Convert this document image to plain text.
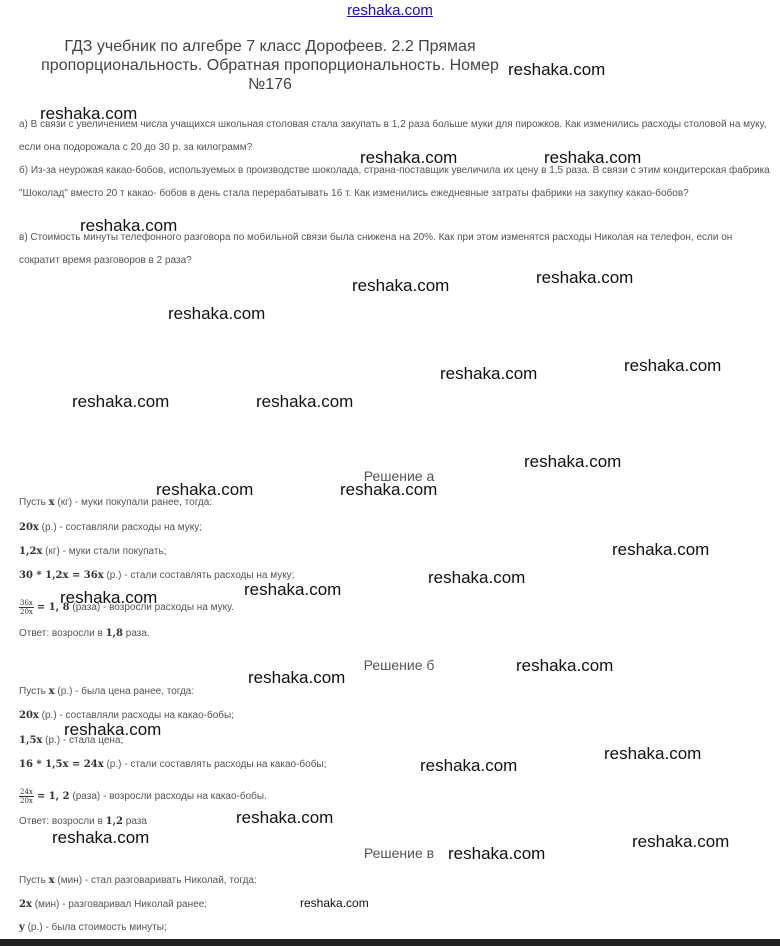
reshaka.com
ГДЗ учебник по алгебре 7 класс Дорофеев. 2.2 Прямая пропорциональность. Обратная пропорциональность. Номер №176
а) В связи с увеличением числа учащихся школьная столовая стала закупать в 1,2 раза больше муки для пирожков. Как изменились расходы столовой на муку, если она подорожала с 20 до 30 р. за килограмм?
б) Из-за неурожая какао-бобов, используемых в производстве шоколада, страна-поставщик увеличила их цену в 1,5 раза. В связи с этим кондитерская фабрика "Шоколад" вместо 20 т какао- бобов в день стала перерабатывать 16 т. Как изменились ежедневные затраты фабрики на закупку какао-бобов?
в) Стоимость минуты телефонного разговора по мобильной связи была снижена на 20%. Как при этом изменятся расходы Николая на телефон, если он сократит время разговоров в 2 раза?
Решение а
Пусть x (кг) - муки покупали ранее, тогда:
20x (р.) - составляли расходы на муку;
1,2x (кг) - муки стали покупать;
30 * 1,2x = 36x (р.) - стали составлять расходы на муку;
$\frac{36x}{20x} = 1$, 8 (раза) - возросли расходы на муку.
Ответ: возросли в 1,8 раза.
Решение б
Пусть x (р.) - была цена ранее, тогда:
20x (р.) - составляли расходы на какао-бобы;
1,5x (р.) - стала цена;
16 * 1,5x = 24x (р.) - стали составлять расходы на какао-бобы;
$\frac{24x}{20x} = 1$, 2 (раза) - возросли расходы на какао-бобы.
Ответ: возросли в 1,2 раза
Решение в
Пусть x (мин) - стал разговаривать Николай, тогда:
2x (мин) - разговаривал Николай ранее;
y (р.) - была стоимость минуты;
reshaka.com
reshaka.com
reshaka.com	reshaka.com
reshaka.com
reshaka.com
reshaka.com
reshaka.com
reshaka.com
reshaka.com
reshaka.com	reshaka.com
reshaka.com
reshaka.com	reshaka.com
reshaka.com
reshaka.com
reshaka.com
reshaka.com
reshaka.com
reshaka.com
reshaka.com
reshaka.com
reshaka.com
reshaka.com
reshaka.com	reshaka.com
reshaka.com
reshaka.com
